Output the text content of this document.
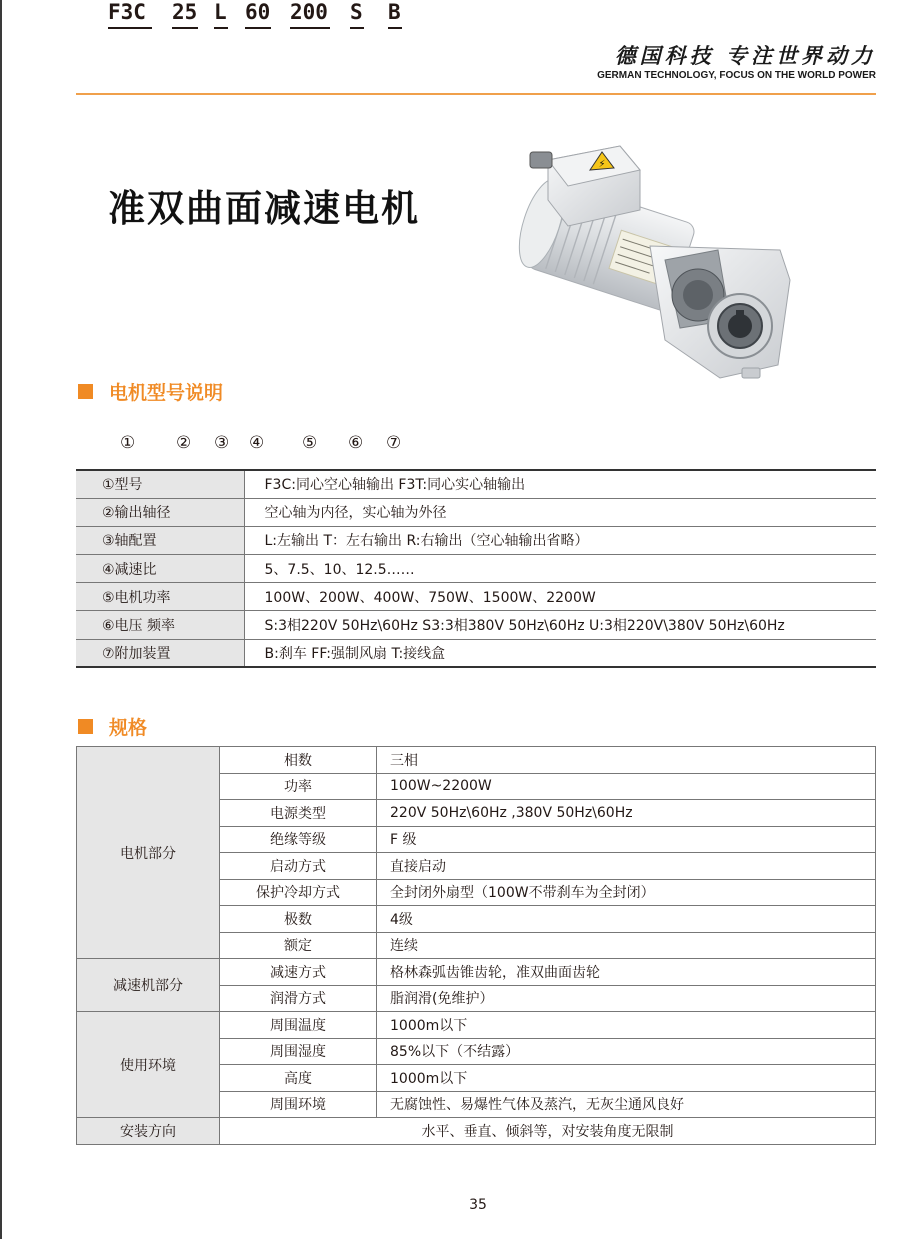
德国科技 专注世界动力
GERMAN TECHNOLOGY, FOCUS ON THE WORLD POWER
准双曲面减速电机
⚡
电机型号说明
F3C 25 L 60 200 S B
① ② ③ ④ ⑤ ⑥ ⑦
①型号	F3C:同心空心轴输出 F3T:同心实心轴输出
②输出轴径	空心轴为内径，实心轴为外径
③轴配置	L:左输出 T：左右输出 R:右输出（空心轴输出省略）
④减速比	5、7.5、10、12.5……
⑤电机功率	100W、200W、400W、750W、1500W、2200W
⑥电压 频率	S:3相220V 50Hz\60Hz S3:3相380V 50Hz\60Hz U:3相220V\380V 50Hz\60Hz
⑦附加装置	B:刹车 FF:强制风扇 T:接线盒
规格
电机部分	相数	三相
	功率	100W~2200W
	电源类型	220V 50Hz\60Hz ,380V 50Hz\60Hz
	绝缘等级	F 级
	启动方式	直接启动
	保护冷却方式	全封闭外扇型（100W不带刹车为全封闭）
	极数	4级
	额定	连续
减速机部分	减速方式	格林森弧齿锥齿轮，准双曲面齿轮
	润滑方式	脂润滑(免维护）
使用环境	周围温度	1000m以下
	周围湿度	85%以下（不结露）
	高度	1000m以下
	周围环境	无腐蚀性、易爆性气体及蒸汽，无灰尘通风良好
安装方向	水平、垂直、倾斜等，对安装角度无限制	
35
